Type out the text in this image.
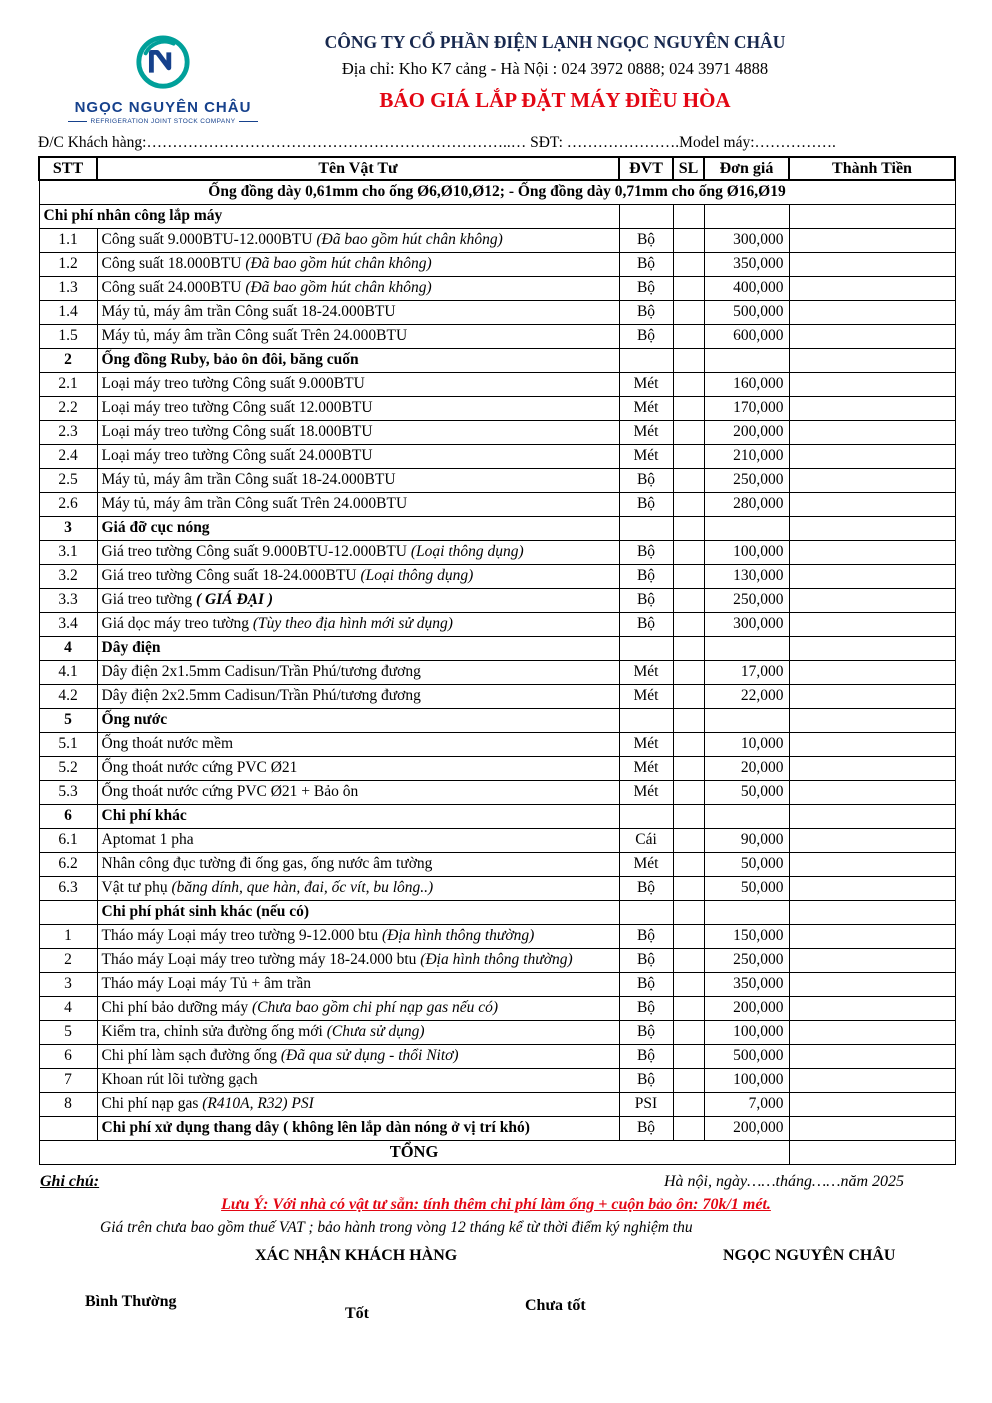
NGỌC NGUYÊN CHÂU
REFRIGERATION JOINT STOCK COMPANY
CÔNG TY CỔ PHẦN ĐIỆN LẠNH NGỌC NGUYÊN CHÂU
Địa chỉ: Kho K7 cảng - Hà Nội : 024 3972 0888; 024 3971 4888
BÁO GIÁ LẮP ĐẶT MÁY ĐIỀU HÒA
Đ/C Khách hàng:……………………………………………………………..… SĐT: ………………….Model máy:…………….
STT	Tên Vật Tư	ĐVT	SL	Đơn giá	Thành Tiền
Ống đồng dày 0,61mm cho ống Ø6,Ø10,Ø12; - Ống đồng dày 0,71mm cho ống Ø16,Ø19					
Chi phí nhân công lắp máy					
1.1	Công suất 9.000BTU-12.000BTU (Đã bao gồm hút chân không)	Bộ		300,000	
1.2	Công suất 18.000BTU (Đã bao gồm hút chân không)	Bộ		350,000	
1.3	Công suất 24.000BTU (Đã bao gồm hút chân không)	Bộ		400,000	
1.4	Máy tủ, máy âm trần Công suất 18-24.000BTU	Bộ		500,000	
1.5	Máy tủ, máy âm trần Công suất Trên 24.000BTU	Bộ		600,000	
2	Ống đồng Ruby, bảo ôn đôi, băng cuốn				
2.1	Loại máy treo tường Công suất 9.000BTU	Mét		160,000	
2.2	Loại máy treo tường Công suất 12.000BTU	Mét		170,000	
2.3	Loại máy treo tường Công suất 18.000BTU	Mét		200,000	
2.4	Loại máy treo tường Công suất 24.000BTU	Mét		210,000	
2.5	Máy tủ, máy âm trần Công suất 18-24.000BTU	Bộ		250,000	
2.6	Máy tủ, máy âm trần Công suất Trên 24.000BTU	Bộ		280,000	
3	Giá đỡ cục nóng				
3.1	Giá treo tường Công suất 9.000BTU-12.000BTU (Loại thông dụng)	Bộ		100,000	
3.2	Giá treo tường Công suất 18-24.000BTU (Loại thông dụng)	Bộ		130,000	
3.3	Giá treo tường ( GIÁ ĐẠI )	Bộ		250,000	
3.4	Giá dọc máy treo tường (Tùy theo địa hình mới sử dụng)	Bộ		300,000	
4	Dây điện				
4.1	Dây điện 2x1.5mm Cadisun/Trần Phú/tương đương	Mét		17,000	
4.2	Dây điện 2x2.5mm Cadisun/Trần Phú/tương đương	Mét		22,000	
5	Ống nước				
5.1	Ống thoát nước mềm	Mét		10,000	
5.2	Ống thoát nước cứng PVC Ø21	Mét		20,000	
5.3	Ống thoát nước cứng PVC Ø21 + Bảo ôn	Mét		50,000	
6	Chi phí khác				
6.1	Aptomat 1 pha	Cái		90,000	
6.2	Nhân công đục tường đi ống gas, ống nước âm tường	Mét		50,000	
6.3	Vật tư phụ (băng dính, que hàn, đai, ốc vít, bu lông..)	Bộ		50,000	
	Chi phí phát sinh khác (nếu có)				
1	Tháo máy Loại máy treo tường 9-12.000 btu (Địa hình thông thường)	Bộ		150,000	
2	Tháo máy Loại máy treo tường máy 18-24.000 btu (Địa hình thông thường)	Bộ		250,000	
3	Tháo máy Loại máy Tủ + âm trần	Bộ		350,000	
4	Chi phí bảo dưỡng máy (Chưa bao gồm chi phí nạp gas nếu có)	Bộ		200,000	
5	Kiểm tra, chỉnh sửa đường ống mới (Chưa sử dụng)	Bộ		100,000	
6	Chi phí làm sạch đường ống (Đã qua sử dụng - thổi Nitơ)	Bộ		500,000	
7	Khoan rút lõi tường gạch	Bộ		100,000	
8	Chi phí nạp gas (R410A, R32) PSI	PSI		7,000	
	Chi phí xử dụng thang dây ( không lên lắp dàn nóng ở vị trí khó)	Bộ		200,000	
TỔNG					
Ghi chú:	Hà nội, ngày……tháng……năm 2025
Lưu Ý: Với nhà có vật tư sẵn: tính thêm chi phí làm ống + cuộn bảo ôn: 70k/1 mét.
Giá trên chưa bao gồm thuế VAT ; bảo hành trong vòng 12 tháng kể từ thời điểm ký nghiệm thu
XÁC NHẬN KHÁCH HÀNG	NGỌC NGUYÊN CHÂU
Bình Thường
Tốt	Chưa tốt
